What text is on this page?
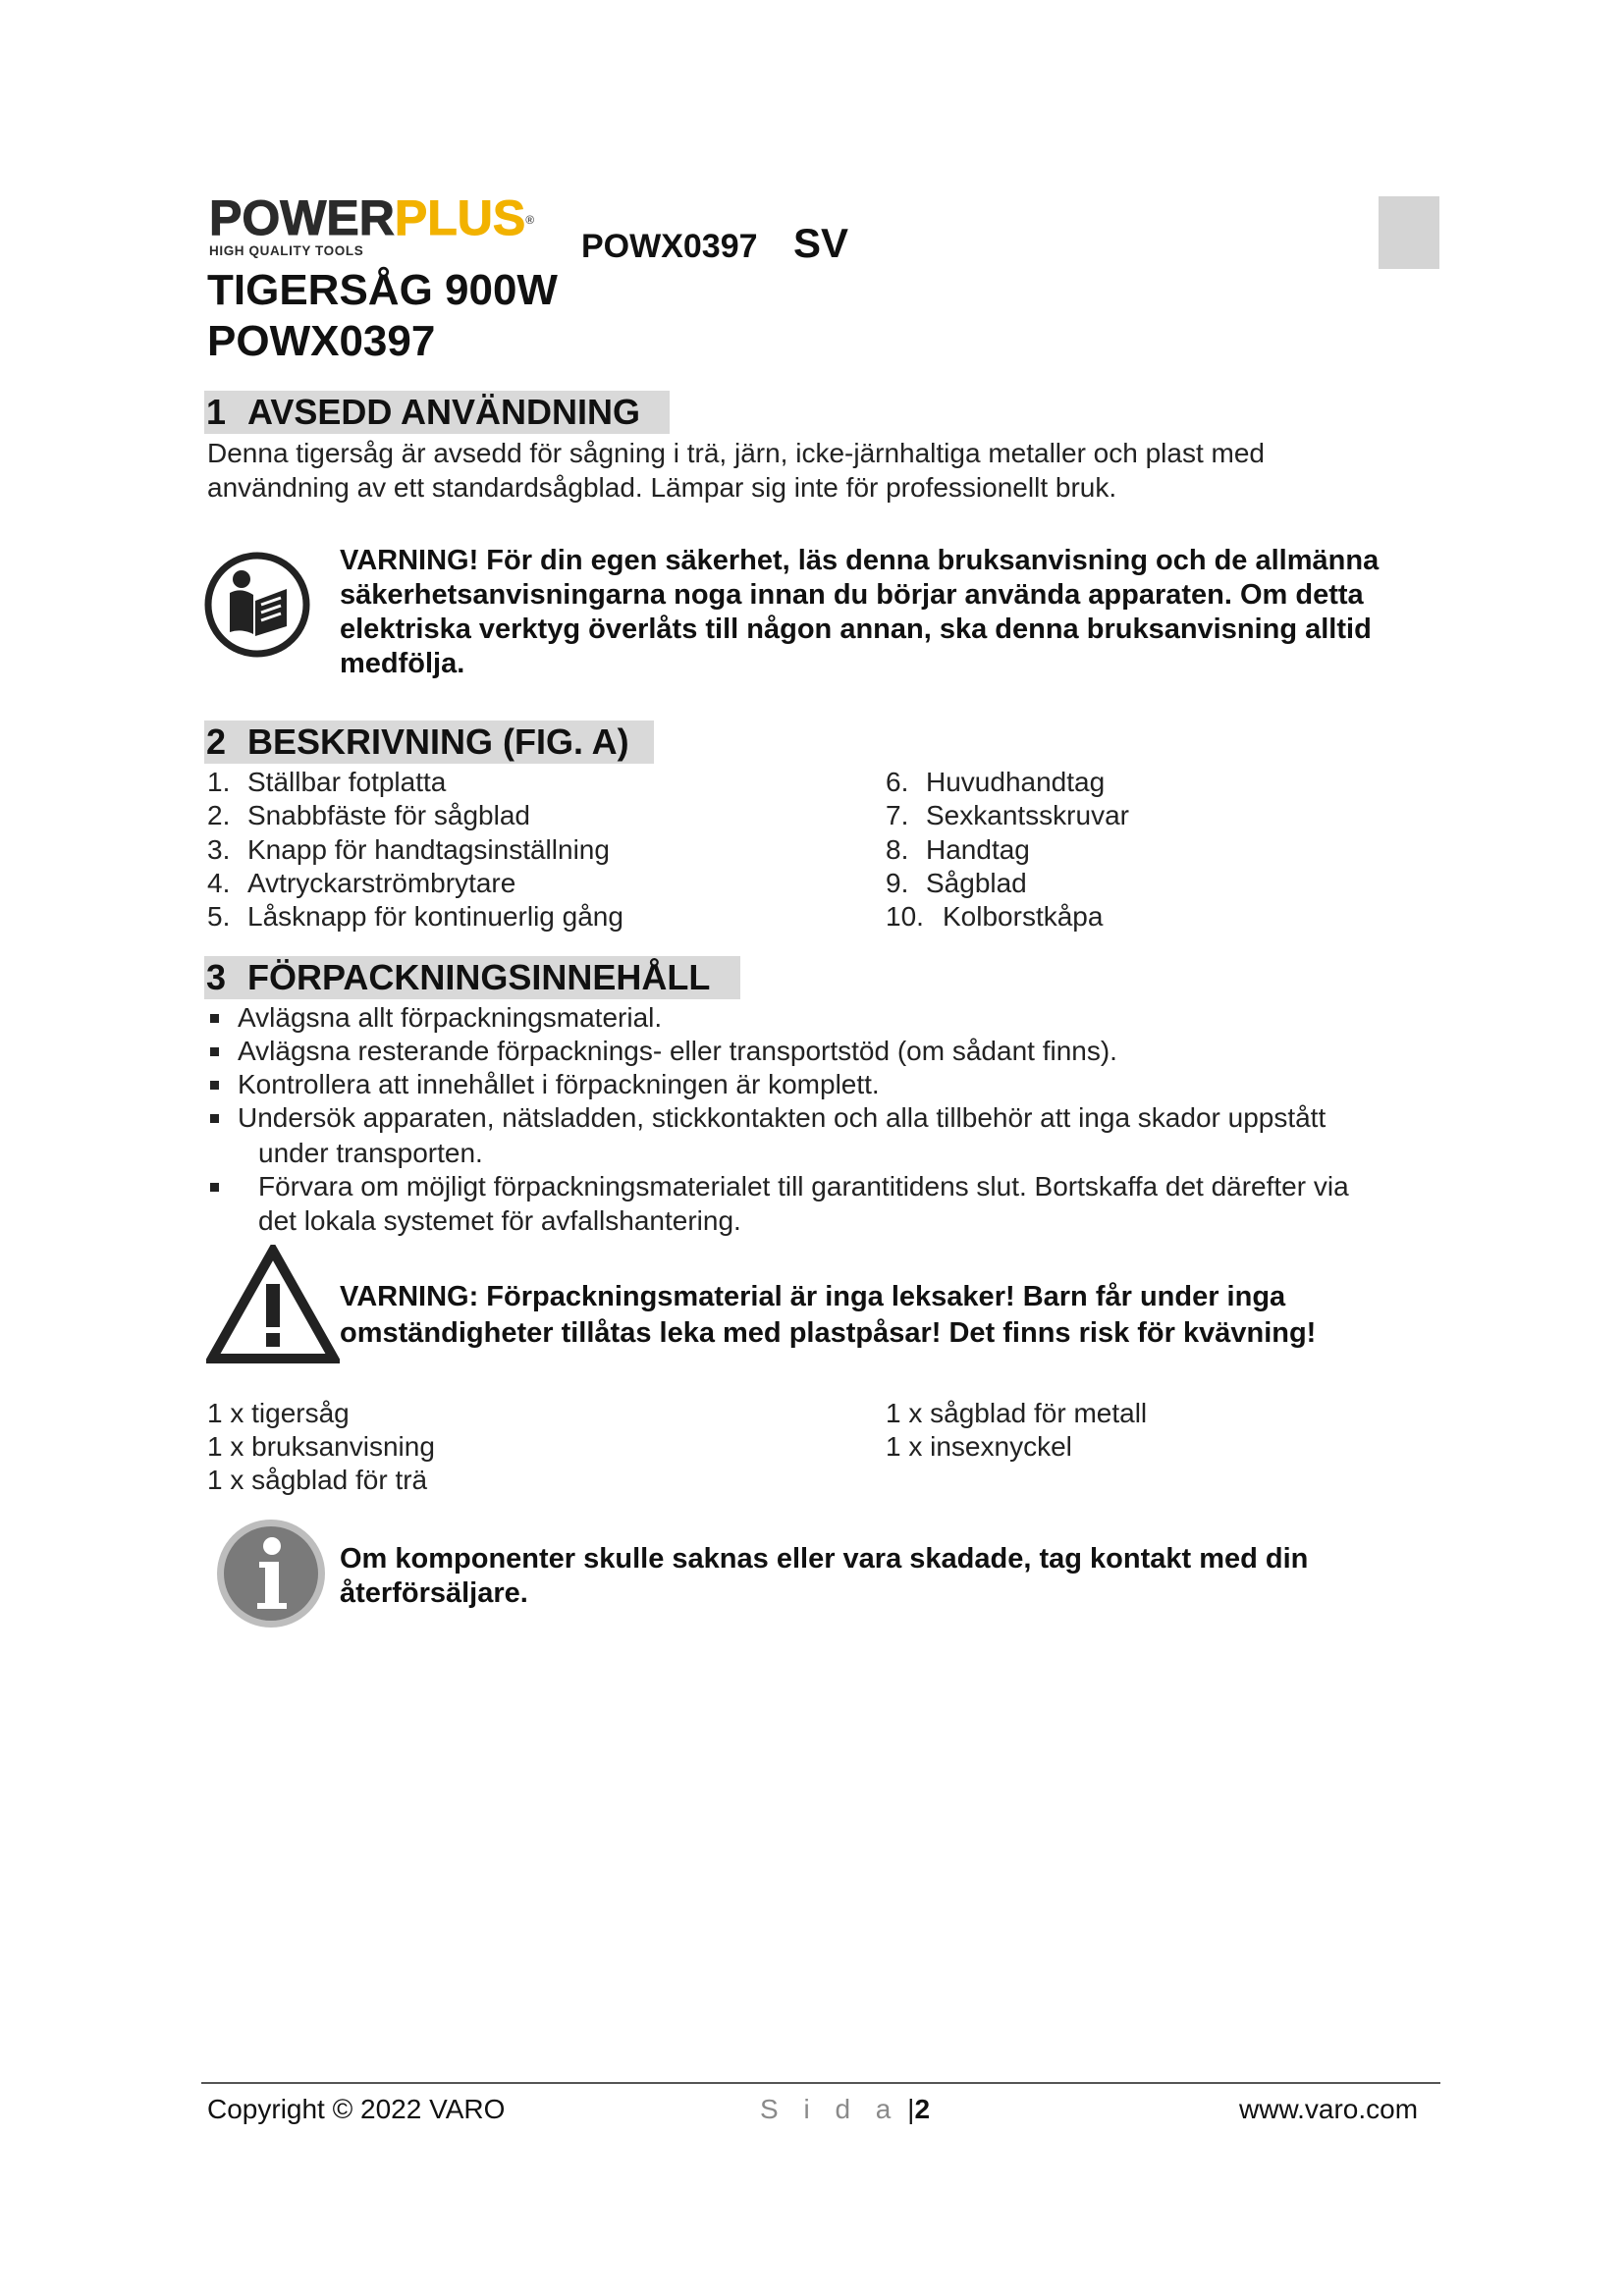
POWERPLUS®
HIGH QUALITY TOOLS	POWX0397 SV
TIGERSÅG 900W
POWX0397
1 AVSEDD ANVÄNDNING
Denna tigersåg är avsedd för sågning i trä, järn, icke-järnhaltiga metaller och plast med
användning av ett standardsågblad. Lämpar sig inte för professionellt bruk.
VARNING! För din egen säkerhet, läs denna bruksanvisning och de allmänna
säkerhetsanvisningarna noga innan du börjar använda apparaten. Om detta
elektriska verktyg överlåts till någon annan, ska denna bruksanvisning alltid
medfölja.
2 BESKRIVNING (FIG. A)
1. Ställbar fotplatta
2. Snabbfäste för sågblad
3. Knapp för handtagsinställning
4. Avtryckarströmbrytare
5. Låsknapp för kontinuerlig gång
6. Huvudhandtag
7. Sexkantsskruvar
8. Handtag
9. Sågblad
10. Kolborstkåpa
3 FÖRPACKNINGSINNEHÅLL
Avlägsna allt förpackningsmaterial.
Avlägsna resterande förpacknings- eller transportstöd (om sådant finns).
Kontrollera att innehållet i förpackningen är komplett.
Undersök apparaten, nätsladden, stickkontakten och alla tillbehör att inga skador uppstått
under transporten.
Förvara om möjligt förpackningsmaterialet till garantitidens slut. Bortskaffa det därefter via
det lokala systemet för avfallshantering.
VARNING: Förpackningsmaterial är inga leksaker! Barn får under inga
omständigheter tillåtas leka med plastpåsar! Det finns risk för kvävning!
1 x tigersåg
1 x bruksanvisning
1 x sågblad för trä
1 x sågblad för metall
1 x insexnyckel
Om komponenter skulle saknas eller vara skadade, tag kontakt med din
återförsäljare.
Copyright © 2022 VARO	S i d a |2	www.varo.com
